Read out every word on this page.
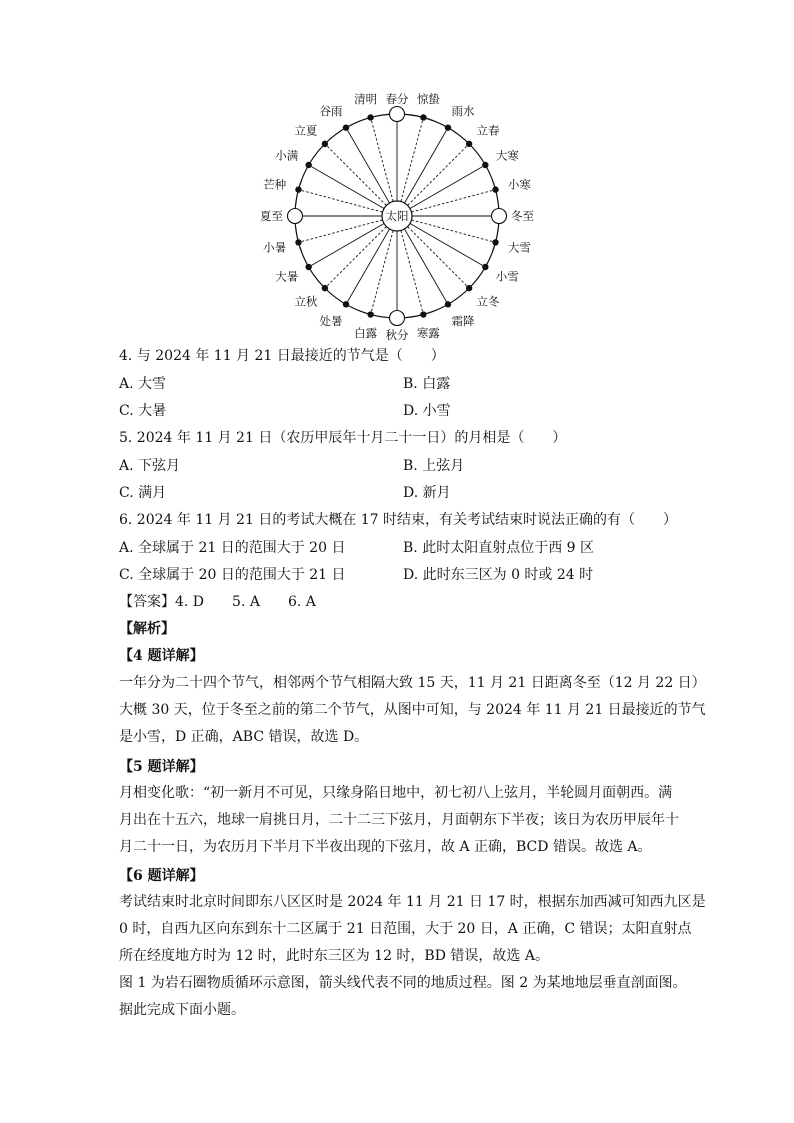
太阳
春分 惊蛰
雨水
立春
大寒
小寒
冬至
大雪
小雪
立冬
霜降
寒露
秋分
白露
处暑
立秋
大暑
小暑
夏至
芒种
小满
立夏
谷雨
清明
4. 与 2024 年 11 月 21 日最接近的节气是（　　）
A. 大雪	B. 白露
C. 大暑	D. 小雪
5. 2024 年 11 月 21 日（农历甲辰年十月二十一日）的月相是（　　）
A. 下弦月	B. 上弦月
C. 满月	D. 新月
6. 2024 年 11 月 21 日的考试大概在 17 时结束，有关考试结束时说法正确的有（　　）
A. 全球属于 21 日的范围大于 20 日	B. 此时太阳直射点位于西 9 区
C. 全球属于 20 日的范围大于 21 日	D. 此时东三区为 0 时或 24 时
【答案】4. D　　5. A　　6. A
【解析】
【4 题详解】
一年分为二十四个节气，相邻两个节气相隔大致 15 天，11 月 21 日距离冬至（12 月 22 日）
大概 30 天，位于冬至之前的第二个节气，从图中可知，与 2024 年 11 月 21 日最接近的节气
是小雪，D 正确，ABC 错误，故选 D。
【5 题详解】
月相变化歌：“初一新月不可见，只缘身陷日地中，初七初八上弦月，半轮圆月面朝西。满
月出在十五六，地球一肩挑日月，二十二三下弦月，月面朝东下半夜；该日为农历甲辰年十
月二十一日，为农历月下半月下半夜出现的下弦月，故 A 正确，BCD 错误。故选 A。
【6 题详解】
考试结束时北京时间即东八区区时是 2024 年 11 月 21 日 17 时，根据东加西减可知西九区是
0 时，自西九区向东到东十二区属于 21 日范围，大于 20 日，A 正确，C 错误；太阳直射点
所在经度地方时为 12 时，此时东三区为 12 时，BD 错误，故选 A。
图 1 为岩石圈物质循环示意图，箭头线代表不同的地质过程。图 2 为某地地层垂直剖面图。
据此完成下面小题。
